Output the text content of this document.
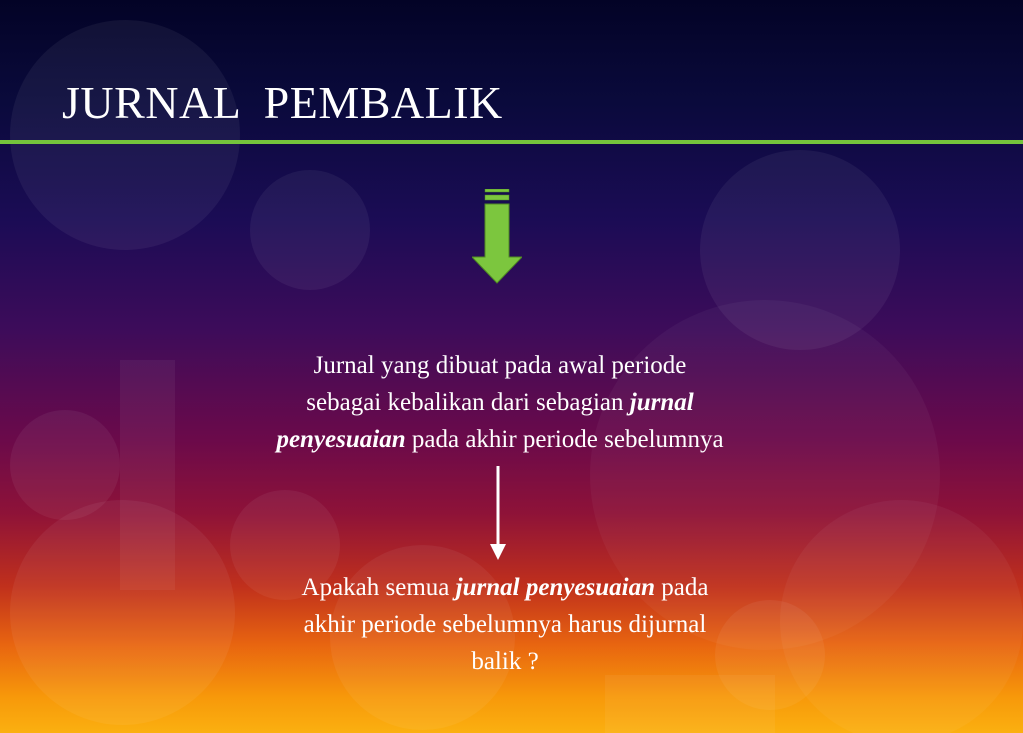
JURNAL  PEMBALIK
Jurnal yang dibuat pada awal periode
sebagai kebalikan dari sebagian jurnal
penyesuaian pada akhir periode sebelumnya
Apakah semua jurnal penyesuaian pada
akhir periode sebelumnya harus dijurnal
balik ?
